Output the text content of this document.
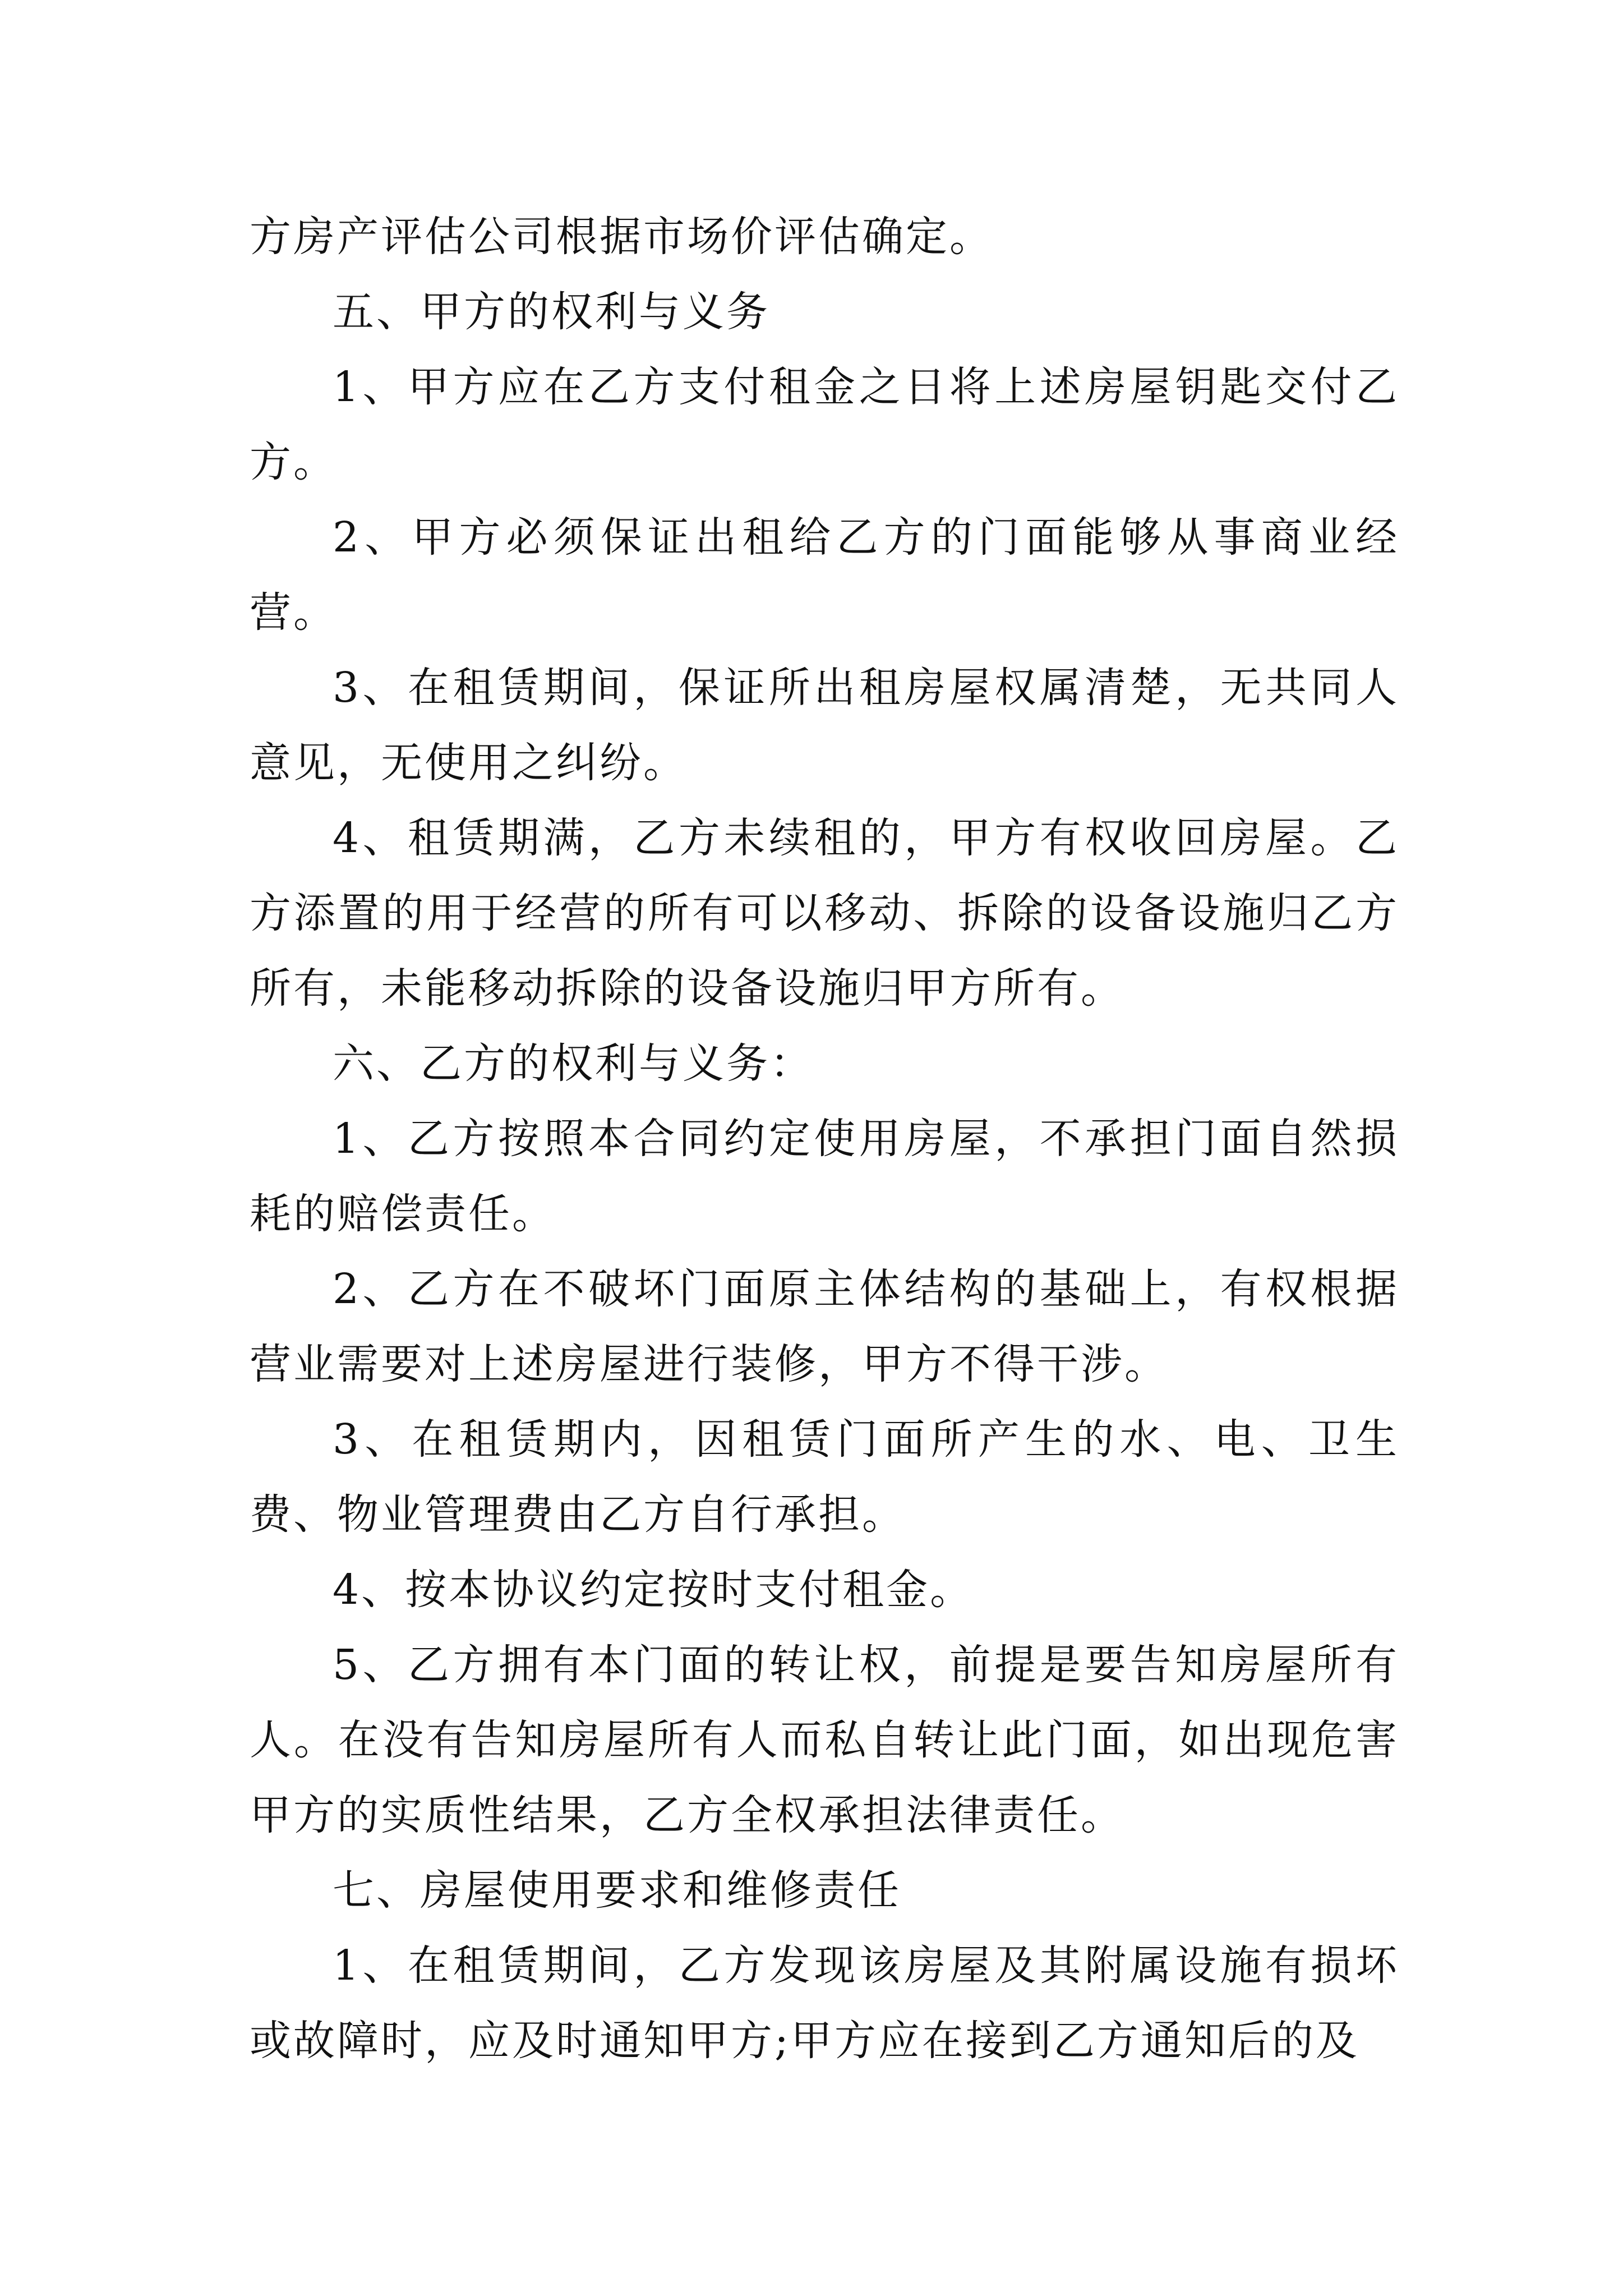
方房产评估公司根据市场价评估确定。

五、甲方的权利与义务

1、甲方应在乙方支付租金之日将上述房屋钥匙交付乙方。

2、甲方必须保证出租给乙方的门面能够从事商业经营。

3、在租赁期间，保证所出租房屋权属清楚，无共同人意见，无使用之纠纷。

4、租赁期满，乙方未续租的，甲方有权收回房屋。乙方添置的用于经营的所有可以移动、拆除的设备设施归乙方所有，未能移动拆除的设备设施归甲方所有。

六、乙方的权利与义务：

1、乙方按照本合同约定使用房屋，不承担门面自然损耗的赔偿责任。

2、乙方在不破坏门面原主体结构的基础上，有权根据营业需要对上述房屋进行装修，甲方不得干涉。

3、在租赁期内，因租赁门面所产生的水、电、卫生费、物业管理费由乙方自行承担。

4、按本协议约定按时支付租金。

5、乙方拥有本门面的转让权，前提是要告知房屋所有人。在没有告知房屋所有人而私自转让此门面，如出现危害甲方的实质性结果，乙方全权承担法律责任。

七、房屋使用要求和维修责任

1、在租赁期间，乙方发现该房屋及其附属设施有损坏或故障时，应及时通知甲方;甲方应在接到乙方通知后的及
